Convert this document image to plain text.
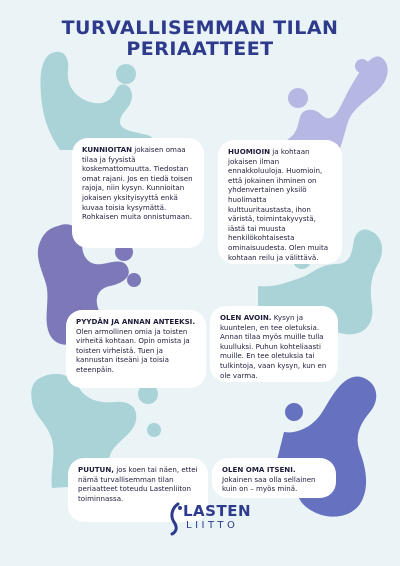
TURVALLISEMMAN TILAN
PERIAATTEET
KUNNIOITAN jokaisen omaa tilaa ja fyysistä koskemattomuutta. Tiedostan omat rajani. Jos en tiedä toisen rajoja, niin kysyn. Kunnioitan jokaisen yksityisyyttä enkä kuvaa toisia kysymättä. Rohkaisen muita onnistumaan.
HUOMIOIN ja kohtaan jokaisen ilman ennakkoluuloja. Huomioin, että jokainen ihminen on yhdenvertainen yksilö huolimatta kulttuuritaustasta, ihon väristä, toimintakyvystä, iästä tai muusta henkilökohtaisesta ominaisuudesta. Olen muita kohtaan reilu ja välittävä.
PYYDÄN JA ANNAN ANTEEKSI. Olen armollinen omia ja toisten virheitä kohtaan. Opin omista ja toisten virheistä. Tuen ja kannustan itseäni ja toisia eteenpäin.
OLEN AVOIN. Kysyn ja kuuntelen, en tee oletuksia. Annan tilaa myös muille tulla kuulluksi. Puhun kohteliaasti muille. En tee oletuksia tai tulkintoja, vaan kysyn, kun en ole varma.
PUUTUN, jos koen tai näen, ettei nämä turvallisemman tilan periaatteet toteudu Lastenliiton toiminnassa.
OLEN OMA ITSENI. Jokainen saa olla sellainen kuin on – myös minä.
LASTEN
LIITTO
